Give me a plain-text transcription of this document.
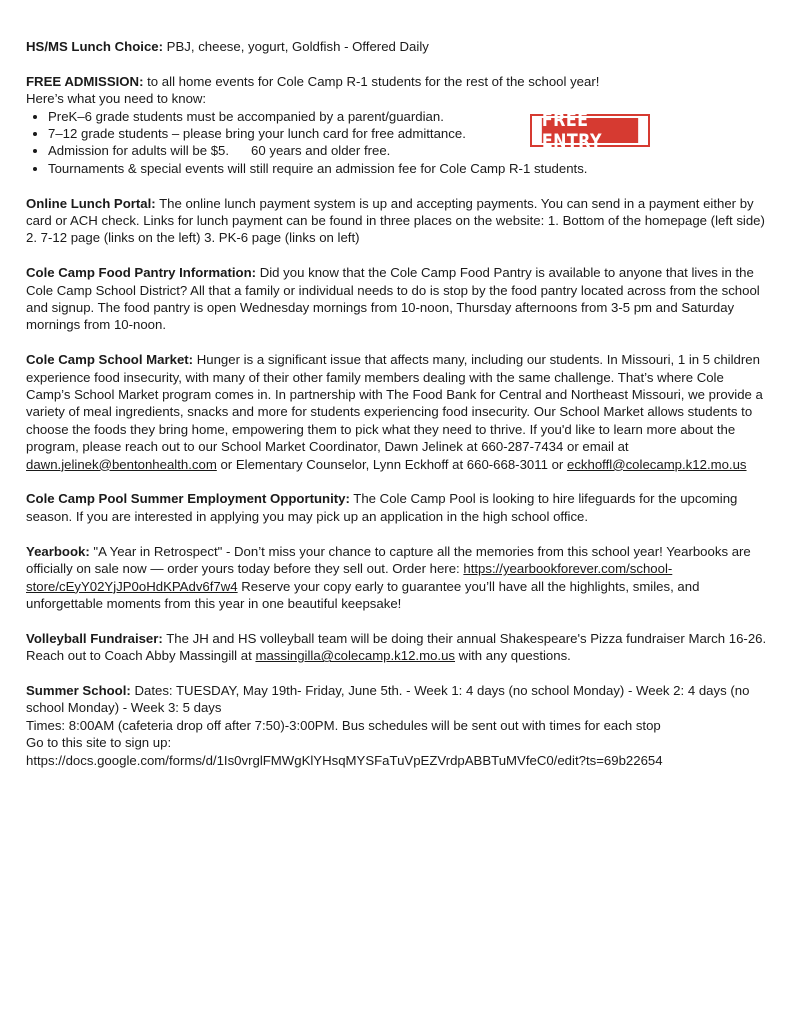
FREE ENTRY
HS/MS Lunch Choice: PBJ, cheese, yogurt, Goldfish - Offered Daily
FREE ADMISSION: to all home events for Cole Camp R-1 students for the rest of the school year!
Here’s what you need to know:
• PreK–6 grade students must be accompanied by a parent/guardian.
• 7–12 grade students – please bring your lunch card for free admittance.
• Admission for adults will be $5. 60 years and older free.
• Tournaments & special events will still require an admission fee for Cole Camp R-1 students.
Online Lunch Portal: The online lunch payment system is up and accepting payments. You can send in a payment either by card or ACH check. Links for lunch payment can be found in three places on the website: 1. Bottom of the homepage (left side) 2. 7-12 page (links on the left) 3. PK-6 page (links on left)
Cole Camp Food Pantry Information: Did you know that the Cole Camp Food Pantry is available to anyone that lives in the Cole Camp School District? All that a family or individual needs to do is stop by the food pantry located across from the school and signup. The food pantry is open Wednesday mornings from 10-noon, Thursday afternoons from 3-5 pm and Saturday mornings from 10-noon.
Cole Camp School Market: Hunger is a significant issue that affects many, including our students. In Missouri, 1 in 5 children experience food insecurity, with many of their other family members dealing with the same challenge. That’s where Cole Camp’s School Market program comes in. In partnership with The Food Bank for Central and Northeast Missouri, we provide a variety of meal ingredients, snacks and more for students experiencing food insecurity. Our School Market allows students to choose the foods they bring home, empowering them to pick what they need to thrive. If you'd like to learn more about the program, please reach out to our School Market Coordinator, Dawn Jelinek at 660-287-7434 or email at dawn.jelinek@bentonhealth.com or Elementary Counselor, Lynn Eckhoff at 660-668-3011 or eckhoffl@colecamp.k12.mo.us
Cole Camp Pool Summer Employment Opportunity: The Cole Camp Pool is looking to hire lifeguards for the upcoming season. If you are interested in applying you may pick up an application in the high school office.
Yearbook: "A Year in Retrospect" - Don’t miss your chance to capture all the memories from this school year! Yearbooks are officially on sale now — order yours today before they sell out. Order here: https://yearbookforever.com/school-store/cEyY02YjJP0oHdKPAdv6f7w4 Reserve your copy early to guarantee you’ll have all the highlights, smiles, and unforgettable moments from this year in one beautiful keepsake!
Volleyball Fundraiser: The JH and HS volleyball team will be doing their annual Shakespeare's Pizza fundraiser March 16-26. Reach out to Coach Abby Massingill at massingilla@colecamp.k12.mo.us with any questions.
Summer School: Dates: TUESDAY, May 19th- Friday, June 5th. - Week 1: 4 days (no school Monday) - Week 2: 4 days (no school Monday) - Week 3: 5 days
Times: 8:00AM (cafeteria drop off after 7:50)-3:00PM. Bus schedules will be sent out with times for each stop
Go to this site to sign up:
https://docs.google.com/forms/d/1Is0vrglFMWgKlYHsqMYSFaTuVpEZVrdpABBTuMVfeC0/edit?ts=69b22654
